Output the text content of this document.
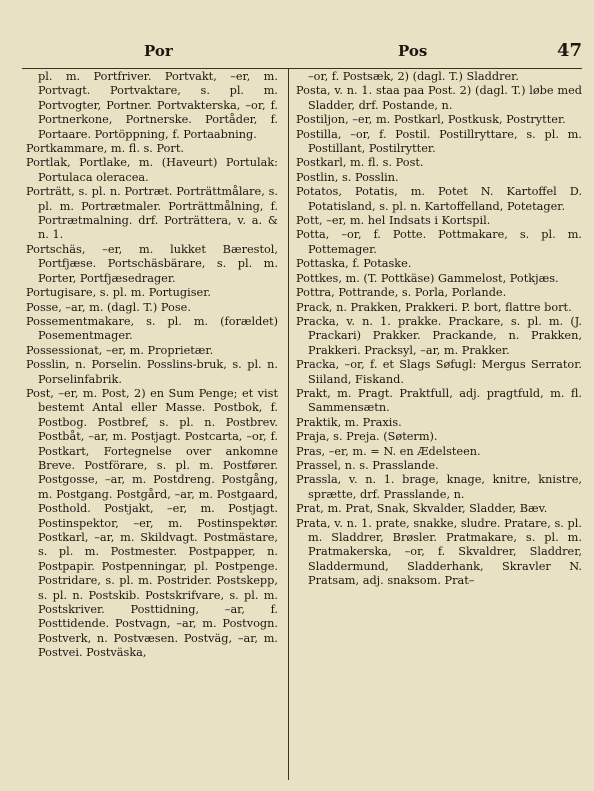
Por	Pos	47
pl. m. Portfriver. Portvakt, –er, m. Portvagt. Portvaktare, s. pl. m. Portvogter, Portner. Portvakterska, –or, f. Portnerkone, Portnerske. Portåder, f. Portaare. Portöppning, f. Portaabning.
Portkammare, m. fl. s. Port.
Portlak, Portlake, m. (Haveurt) Portulak: Portulaca oleracea.
Porträtt, s. pl. n. Portræt. Porträttmålare, s. pl. m. Portrætmaler. Porträttmålning, f. Portrætmalning. drf. Porträttera, v. a. & n. 1.
Portschäs, –er, m. lukket Bærestol, Portfjæse. Portschäsbärare, s. pl. m. Porter, Portfjæsedrager.
Portugisare, s. pl. m. Portugiser.
Posse, –ar, m. (dagl. T.) Pose.
Possementmakare, s. pl. m. (forældet) Posementmager.
Possessionat, –er, m. Proprietær.
Posslin, n. Porselin. Posslins-bruk, s. pl. n. Porselinfabrik.
Post, –er, m. Post, 2) en Sum Penge; et vist bestemt Antal eller Masse. Postbok, f. Postbog. Postbref, s. pl. n. Postbrev. Postbåt, –ar, m. Postjagt. Postcarta, –or, f. Postkart, Fortegnelse over ankomne Breve. Postförare, s. pl. m. Postfører. Postgosse, –ar, m. Postdreng. Postgång, m. Postgang. Postgård, –ar, m. Postgaard, Posthold. Postjakt, –er, m. Postjagt. Postinspektor, –er, m. Postinspektør. Postkarl, –ar, m. Skildvagt. Postmästare, s. pl. m. Postmester. Postpapper, n. Postpapir. Postpenningar, pl. Postpenge. Postridare, s. pl. m. Postrider. Postskepp, s. pl. n. Postskib. Postskrifvare, s. pl. m. Postskriver. Posttidning, –ar, f. Posttidende. Postvagn, –ar, m. Postvogn. Postverk, n. Postvæsen. Postväg, –ar, m. Postvei. Postväska,
–or, f. Postsæk, 2) (dagl. T.) Sladdrer.
Posta, v. n. 1. staa paa Post. 2) (dagl. T.) løbe med Sladder, drf. Postande, n.
Postiljon, –er, m. Postkarl, Postkusk, Postrytter.
Postilla, –or, f. Postil. Postillryttare, s. pl. m. Postillant, Postilrytter.
Postkarl, m. fl. s. Post.
Postlin, s. Posslin.
Potatos, Potatis, m. Potet N. Kartoffel D. Potatisland, s. pl. n. Kartoffelland, Potetager.
Pott, –er, m. hel Indsats i Kortspil.
Potta, –or, f. Potte. Pottmakare, s. pl. m. Pottemager.
Pottaska, f. Potaske.
Pottkes, m. (T. Pottkäse) Gammelost, Potkjæs.
Pottra, Pottrande, s. Porla, Porlande.
Prack, n. Prakken, Prakkeri. P. bort, flattre bort.
Pracka, v. n. 1. prakke. Prackare, s. pl. m. (J. Prackari) Prakker. Prackande, n. Prakken, Prakkeri. Pracksyl, –ar, m. Prakker.
Pracka, –or, f. et Slags Søfugl: Mergus Serrator. Siiland, Fiskand.
Prakt, m. Pragt. Praktfull, adj. pragtfuld, m. fl. Sammensætn.
Praktik, m. Praxis.
Praja, s. Preja. (Søterm).
Pras, –er, m. = N. en Ædelsteen.
Prassel, n. s. Prasslande.
Prassla, v. n. 1. brage, knage, knitre, knistre, sprætte, drf. Prasslande, n.
Prat, m. Prat, Snak, Skvalder, Sladder, Bæv.
Prata, v. n. 1. prate, snakke, sludre. Pratare, s. pl. m. Sladdrer, Brøsler. Pratmakare, s. pl. m. Pratmakerska, –or, f. Skvaldrer, Sladdrer, Sladdermund, Sladderhank, Skravler N. Pratsam, adj. snaksom. Prat–
